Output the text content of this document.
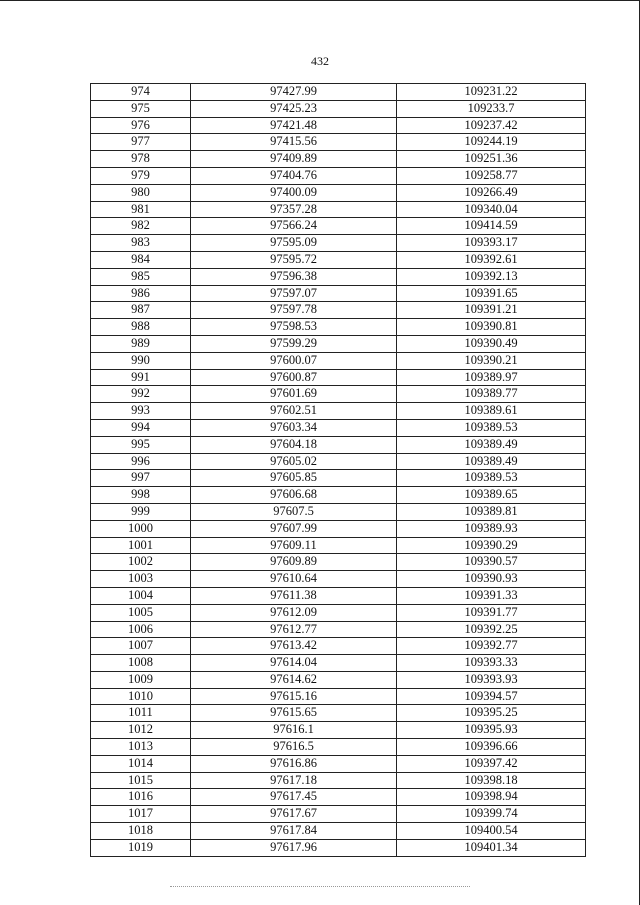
432
974	97427.99	109231.22
975	97425.23	109233.7
976	97421.48	109237.42
977	97415.56	109244.19
978	97409.89	109251.36
979	97404.76	109258.77
980	97400.09	109266.49
981	97357.28	109340.04
982	97566.24	109414.59
983	97595.09	109393.17
984	97595.72	109392.61
985	97596.38	109392.13
986	97597.07	109391.65
987	97597.78	109391.21
988	97598.53	109390.81
989	97599.29	109390.49
990	97600.07	109390.21
991	97600.87	109389.97
992	97601.69	109389.77
993	97602.51	109389.61
994	97603.34	109389.53
995	97604.18	109389.49
996	97605.02	109389.49
997	97605.85	109389.53
998	97606.68	109389.65
999	97607.5	109389.81
1000	97607.99	109389.93
1001	97609.11	109390.29
1002	97609.89	109390.57
1003	97610.64	109390.93
1004	97611.38	109391.33
1005	97612.09	109391.77
1006	97612.77	109392.25
1007	97613.42	109392.77
1008	97614.04	109393.33
1009	97614.62	109393.93
1010	97615.16	109394.57
1011	97615.65	109395.25
1012	97616.1	109395.93
1013	97616.5	109396.66
1014	97616.86	109397.42
1015	97617.18	109398.18
1016	97617.45	109398.94
1017	97617.67	109399.74
1018	97617.84	109400.54
1019	97617.96	109401.34
